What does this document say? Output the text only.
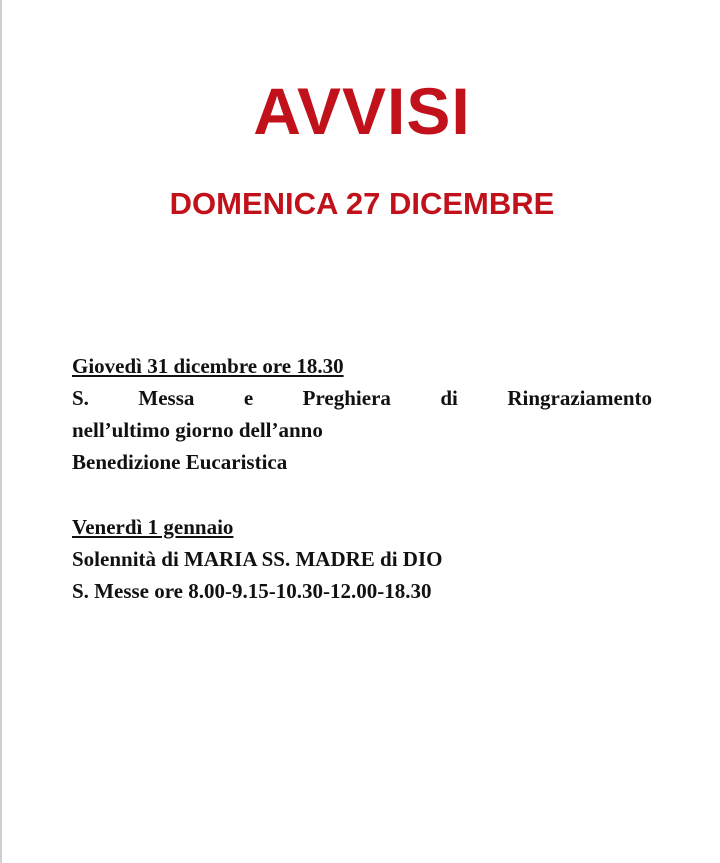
AVVISI
DOMENICA 27 DICEMBRE
Giovedì 31 dicembre ore 18.30
S. Messa e Preghiera di Ringraziamento
nell’ultimo giorno dell’anno
Benedizione Eucaristica
Venerdì 1 gennaio
Solennità di MARIA SS. MADRE di DIO
S. Messe ore 8.00-9.15-10.30-12.00-18.30
